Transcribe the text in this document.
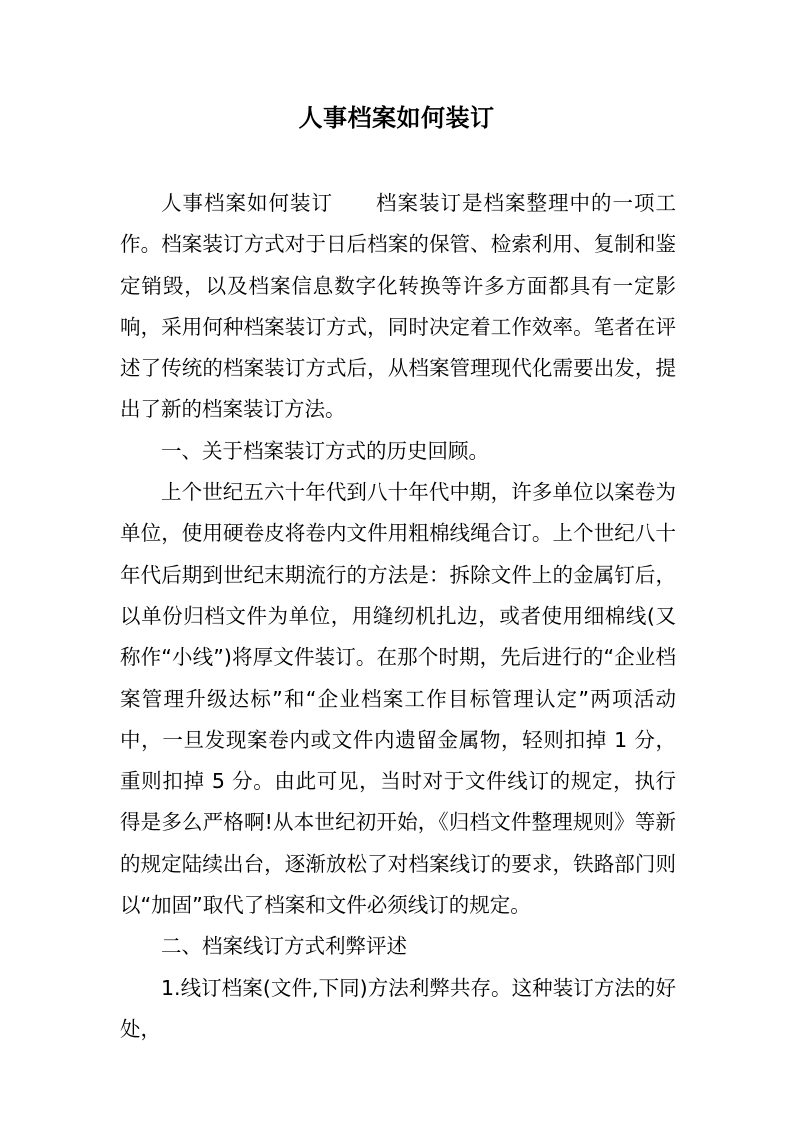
人事档案如何装订

人事档案如何装订　　档案装订是档案整理中的一项工作。档案装订方式对于日后档案的保管、检索利用、复制和鉴定销毁，以及档案信息数字化转换等许多方面都具有一定影响，采用何种档案装订方式，同时决定着工作效率。笔者在评述了传统的档案装订方式后，从档案管理现代化需要出发，提出了新的档案装订方法。

一、关于档案装订方式的历史回顾。

上个世纪五六十年代到八十年代中期，许多单位以案卷为单位，使用硬卷皮将卷内文件用粗棉线绳合订。上个世纪八十年代后期到世纪末期流行的方法是：拆除文件上的金属钉后，以单份归档文件为单位，用缝纫机扎边，或者使用细棉线(又称作“小线”)将厚文件装订。在那个时期，先后进行的“企业档案管理升级达标”和“企业档案工作目标管理认定”两项活动中，一旦发现案卷内或文件内遗留金属物，轻则扣掉 1 分，重则扣掉 5 分。由此可见，当时对于文件线订的规定，执行得是多么严格啊!从本世纪初开始，《归档文件整理规则》等新的规定陆续出台，逐渐放松了对档案线订的要求，铁路部门则以“加固”取代了档案和文件必须线订的规定。

二、档案线订方式利弊评述

1.线订档案(文件,下同)方法利弊共存。这种装订方法的好处，
